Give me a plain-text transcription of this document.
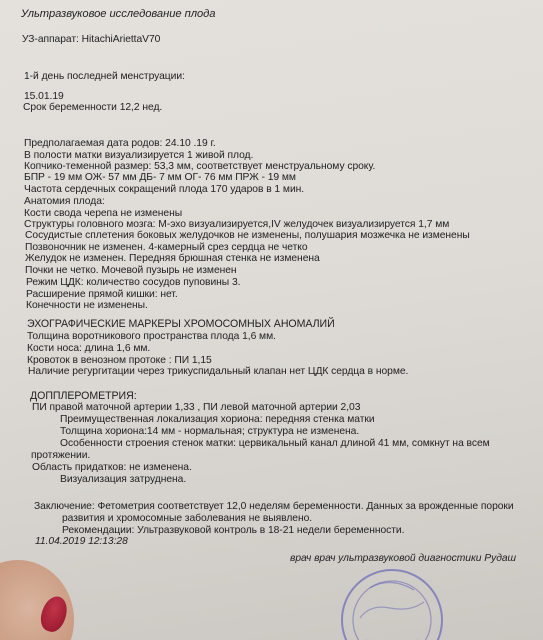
Ультразвуковое исследование плода
УЗ-аппарат: HitachiAriettaV70
1-й день последней менструации:
15.01.19
Срок беременности 12,2 нед.
Предполагаемая дата родов: 24.10 .19 г.
В полости матки визуализируется 1 живой плод.
Копчико-теменной размер: 53,3 мм, соответствует менструальному сроку.
БПР - 19 мм ОЖ- 57 мм ДБ- 7 мм ОГ- 76 мм ПРЖ - 19 мм
Частота сердечных сокращений плода 170 ударов в 1 мин.
Анатомия плода:
Кости свода черепа не изменены
Структуры головного мозга: М-эхо визуализируется,IV желудочек визуализируется 1,7 мм
Сосудистые сплетения боковых желудочков не изменены, полушария мозжечка не изменены
Позвоночник не изменен. 4-камерный срез сердца не четко
Желудок не изменен. Передняя брюшная стенка не изменена
Почки не четко. Мочевой пузырь не изменен
Режим ЦДК: количество сосудов пуповины 3.
Расширение прямой кишки: нет.
Конечности не изменены.
ЭХОГРАФИЧЕСКИЕ МАРКЕРЫ ХРОМОСОМНЫХ АНОМАЛИЙ
Толщина воротникового пространства плода 1,6 мм.
Кости носа: длина 1,6 мм.
Кровоток в венозном протоке : ПИ 1,15
Наличие регургитации через трикуспидальный клапан нет ЦДК сердца в норме.
ДОППЛЕРОМЕТРИЯ:
ПИ правой маточной артерии 1,33 , ПИ левой маточной артерии 2,03
Преимущественная локализация хориона: передняя стенка матки
Толщина хориона:14 мм - нормальная; структура не изменена.
Особенности строения стенок матки: цервикальный канал длиной 41 мм, сомкнут на всем
протяжении.
Область придатков: не изменена.
Визуализация затруднена.
Заключение: Фетометрия соответствует 12,0 неделям беременности. Данных за врожденные пороки
развития и хромосомные заболевания не выявлено.
Рекомендации: Ультразвуковой контроль в 18-21 недели беременности.
11.04.2019 12:13:28
врач врач ультразвуковой диагностики Рудаш
